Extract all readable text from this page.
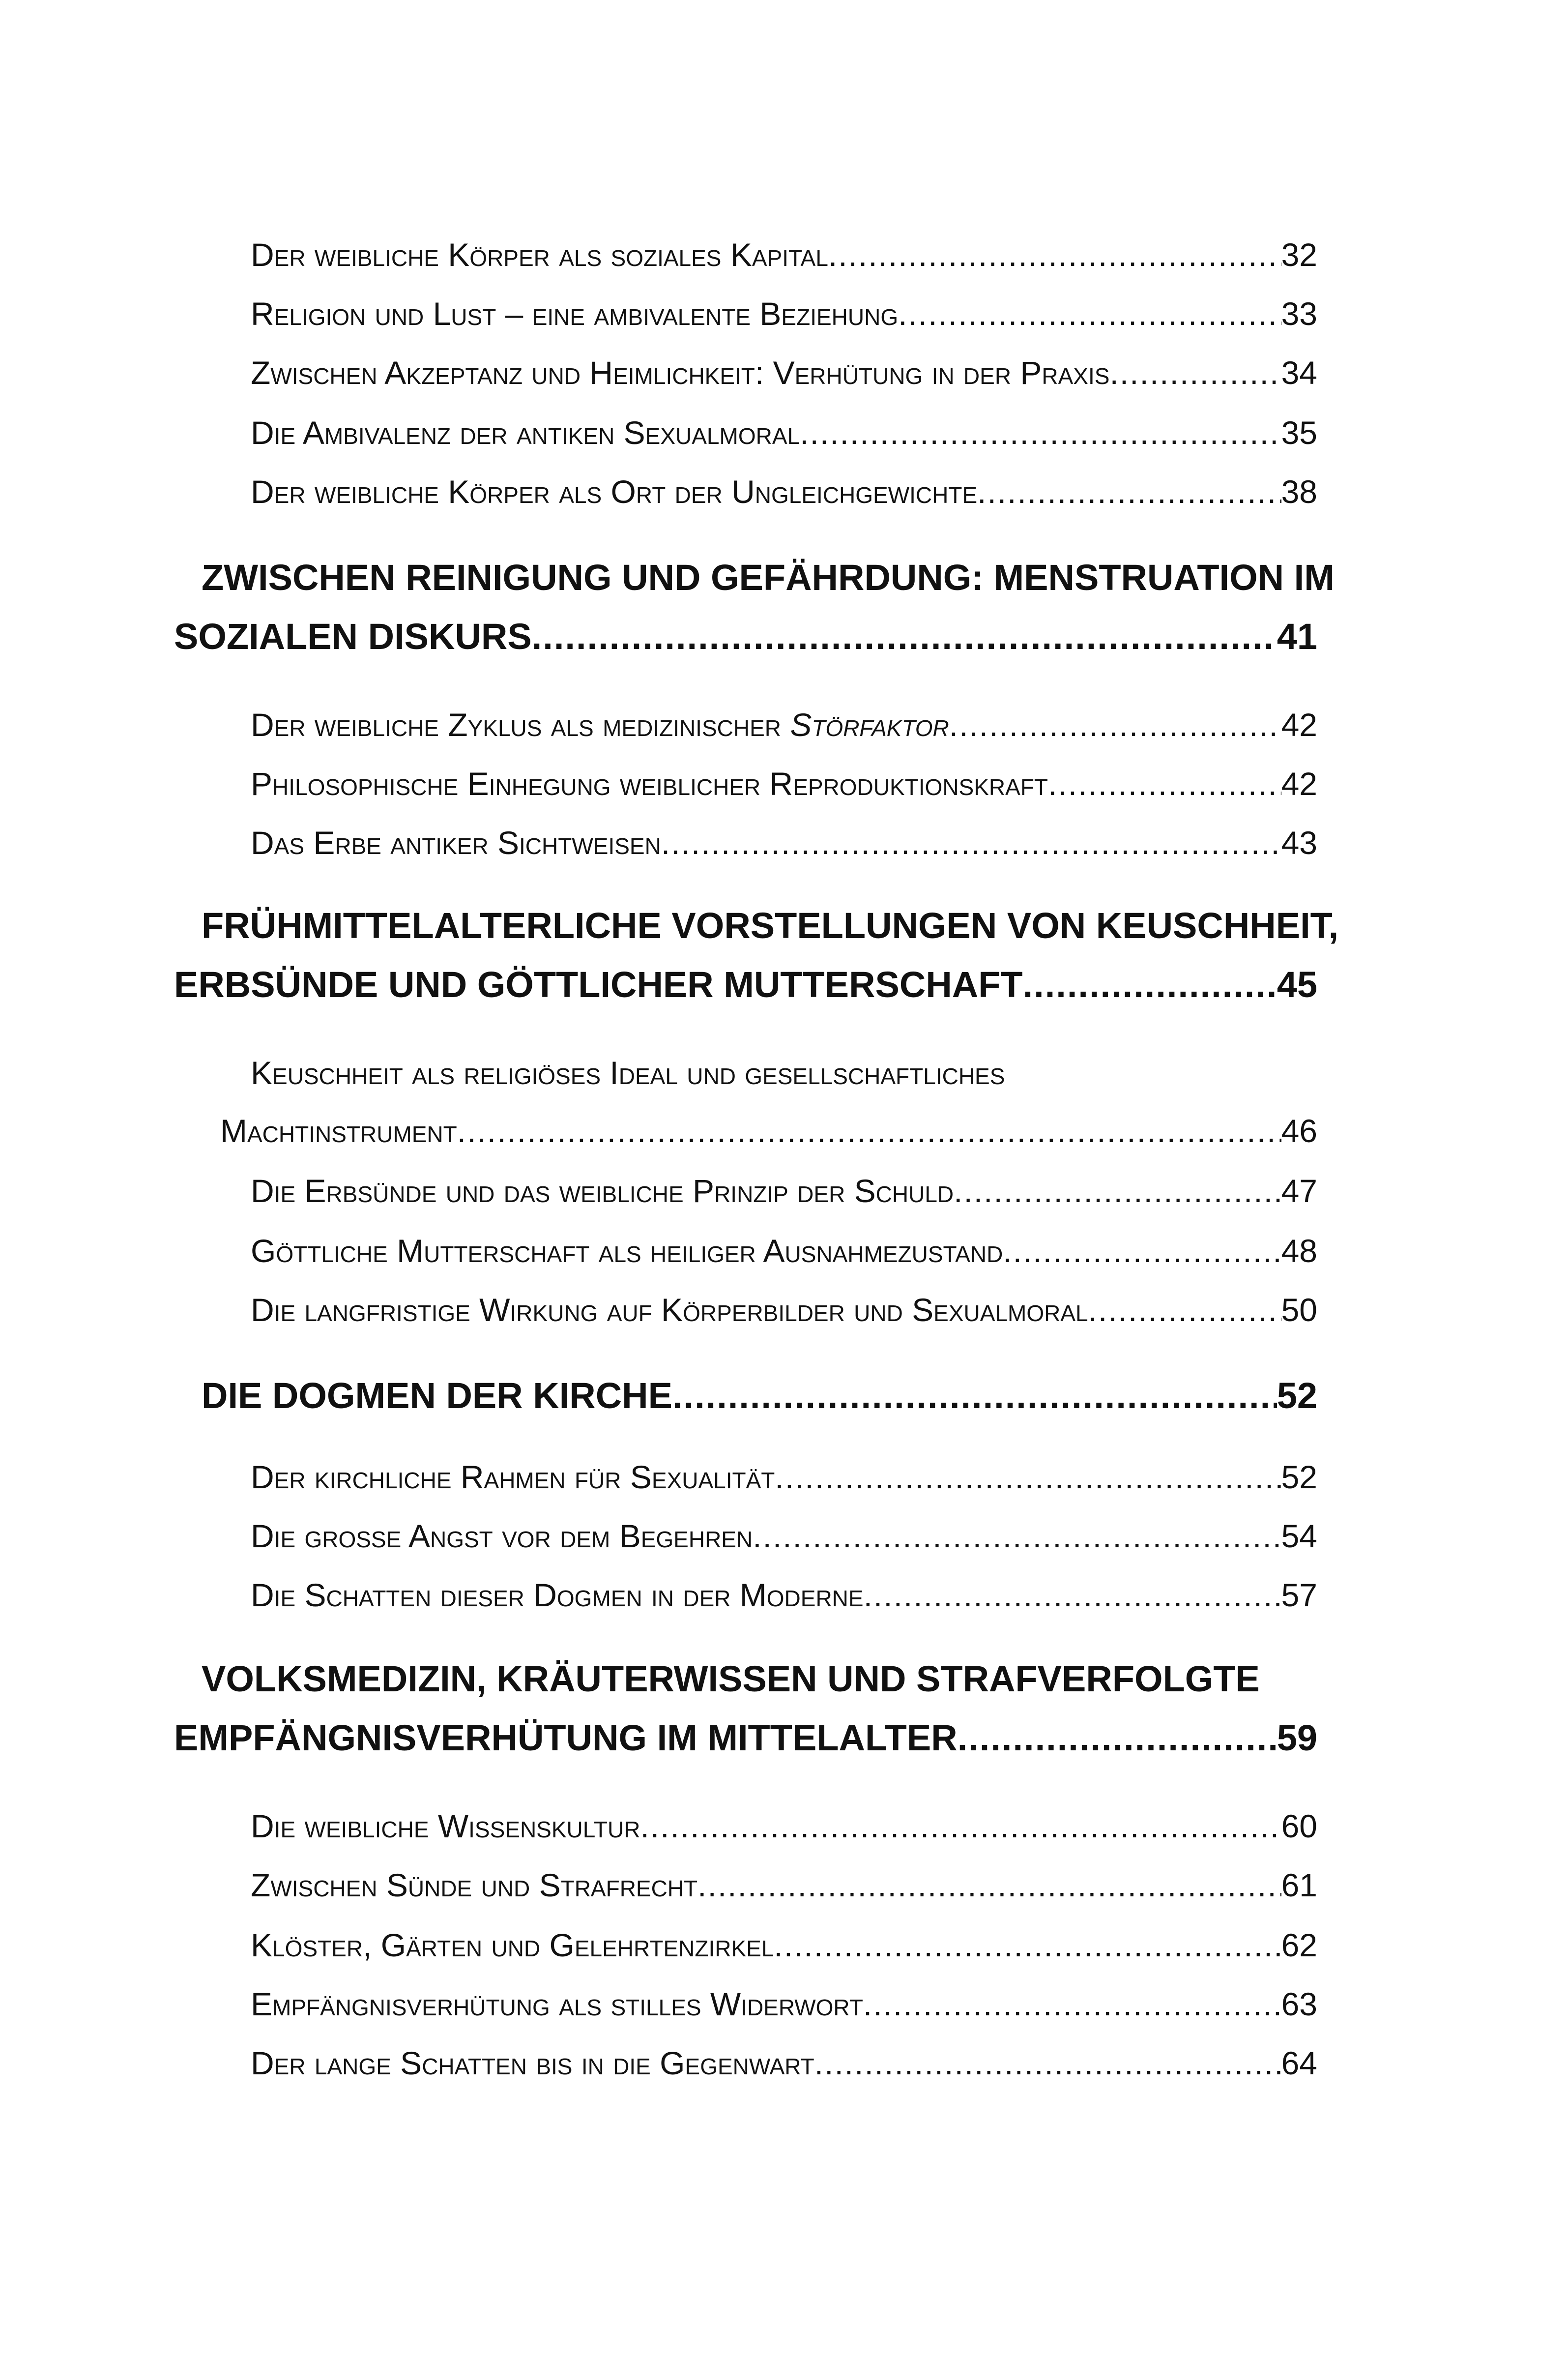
Der weibliche Körper als soziales Kapital .....	32
Religion und Lust – eine ambivalente Beziehung .....	33
Zwischen Akzeptanz und Heimlichkeit: Verhütung in der Praxis .....	34
Die Ambivalenz der antiken Sexualmoral .....	35
Der weibliche Körper als Ort der Ungleichgewichte .....	38
ZWISCHEN REINIGUNG UND GEFÄHRDUNG: MENSTRUATION IM
SOZIALEN DISKURS .....	41
Der weibliche Zyklus als medizinischer Störfaktor .....	42
Philosophische Einhegung weiblicher Reproduktionskraft .....	42
Das Erbe antiker Sichtweisen .....	43
FRÜHMITTELALTERLICHE VORSTELLUNGEN VON KEUSCHHEIT,
ERBSÜNDE UND GÖTTLICHER MUTTERSCHAFT .....	45
Keuschheit als religiöses Ideal und gesellschaftliches
Machtinstrument .....	46
Die Erbsünde und das weibliche Prinzip der Schuld .....	47
Göttliche Mutterschaft als heiliger Ausnahmezustand .....	48
Die langfristige Wirkung auf Körperbilder und Sexualmoral .....	50
DIE DOGMEN DER KIRCHE .....	52
Der kirchliche Rahmen für Sexualität .....	52
Die große Angst vor dem Begehren .....	54
Die Schatten dieser Dogmen in der Moderne .....	57
VOLKSMEDIZIN, KRÄUTERWISSEN UND STRAFVERFOLGTE
EMPFÄNGNISVERHÜTUNG IM MITTELALTER .....	59
Die weibliche Wissenskultur .....	60
Zwischen Sünde und Strafrecht .....	61
Klöster, Gärten und Gelehrtenzirkel .....	62
Empfängnisverhütung als stilles Widerwort .....	63
Der lange Schatten bis in die Gegenwart .....	64
